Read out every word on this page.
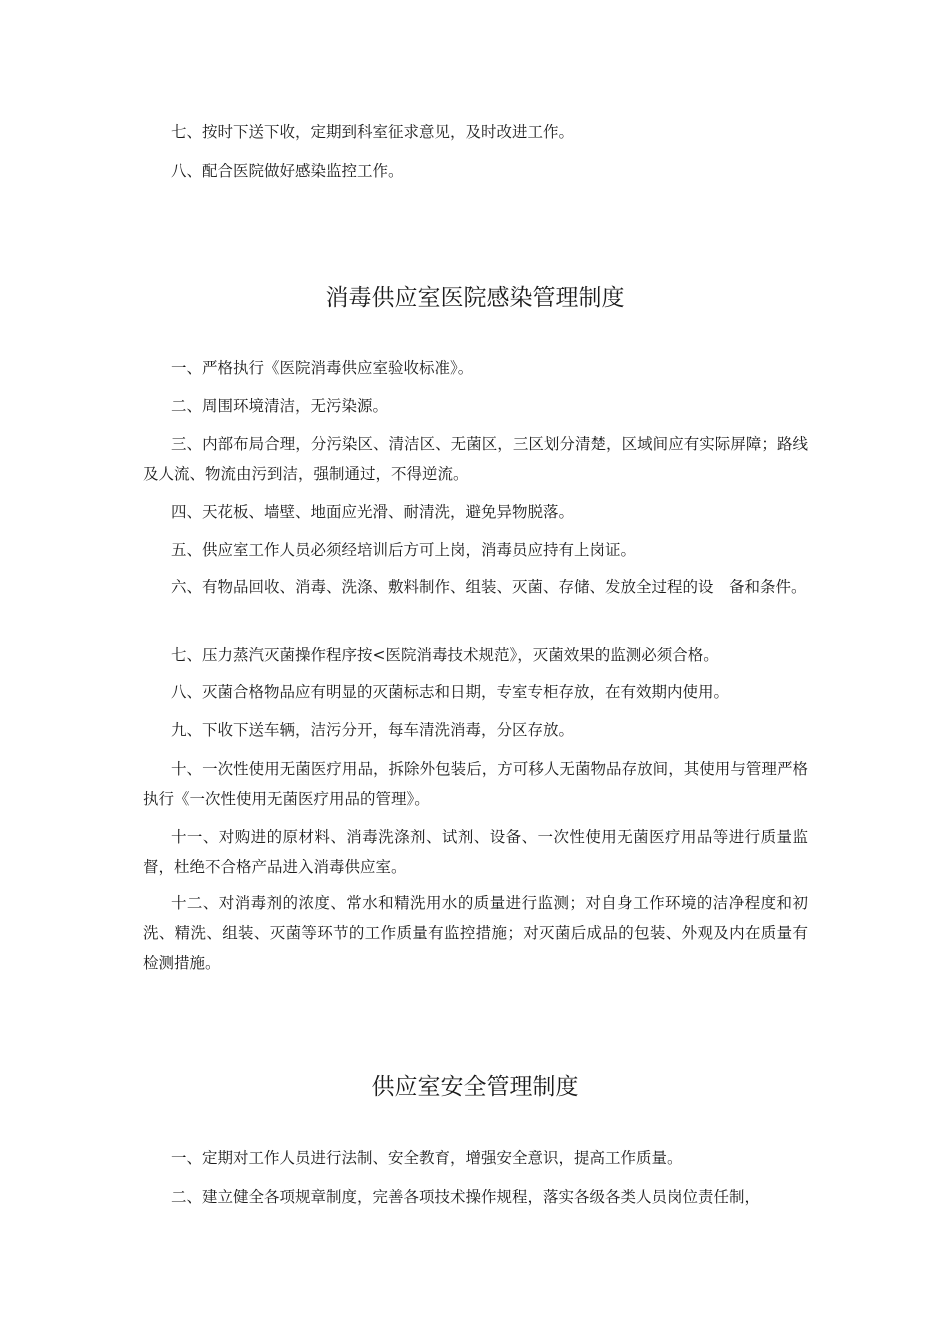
七、按时下送下收，定期到科室征求意见，及时改进工作。

八、配合医院做好感染监控工作。

消毒供应室医院感染管理制度

一、严格执行《医院消毒供应室验收标准》。

二、周围环境清洁，无污染源。

三、内部布局合理，分污染区、清洁区、无菌区，三区划分清楚，区域间应有实际屏障；路线及人流、物流由污到洁，强制通过，不得逆流。

四、天花板、墙壁、地面应光滑、耐清洗，避免异物脱落。

五、供应室工作人员必须经培训后方可上岗，消毒员应持有上岗证。

六、有物品回收、消毒、洗涤、敷料制作、组装、灭菌、存储、发放全过程的设　备和条件。

七、压力蒸汽灭菌操作程序按<医院消毒技术规范》，灭菌效果的监测必须合格。

八、灭菌合格物品应有明显的灭菌标志和日期，专室专柜存放，在有效期内使用。

九、下收下送车辆，洁污分开，每车清洗消毒，分区存放。

十、一次性使用无菌医疗用品，拆除外包装后，方可移人无菌物品存放间，其使用与管理严格执行《一次性使用无菌医疗用品的管理》。

十一、对购进的原材料、消毒洗涤剂、试剂、设备、一次性使用无菌医疗用品等进行质量监督，杜绝不合格产品进入消毒供应室。

十二、对消毒剂的浓度、常水和精洗用水的质量进行监测；对自身工作环境的洁净程度和初洗、精洗、组装、灭菌等环节的工作质量有监控措施；对灭菌后成品的包装、外观及内在质量有检测措施。

供应室安全管理制度

一、定期对工作人员进行法制、安全教育，增强安全意识，提高工作质量。

二、建立健全各项规章制度，完善各项技术操作规程，落实各级各类人员岗位责任制，
